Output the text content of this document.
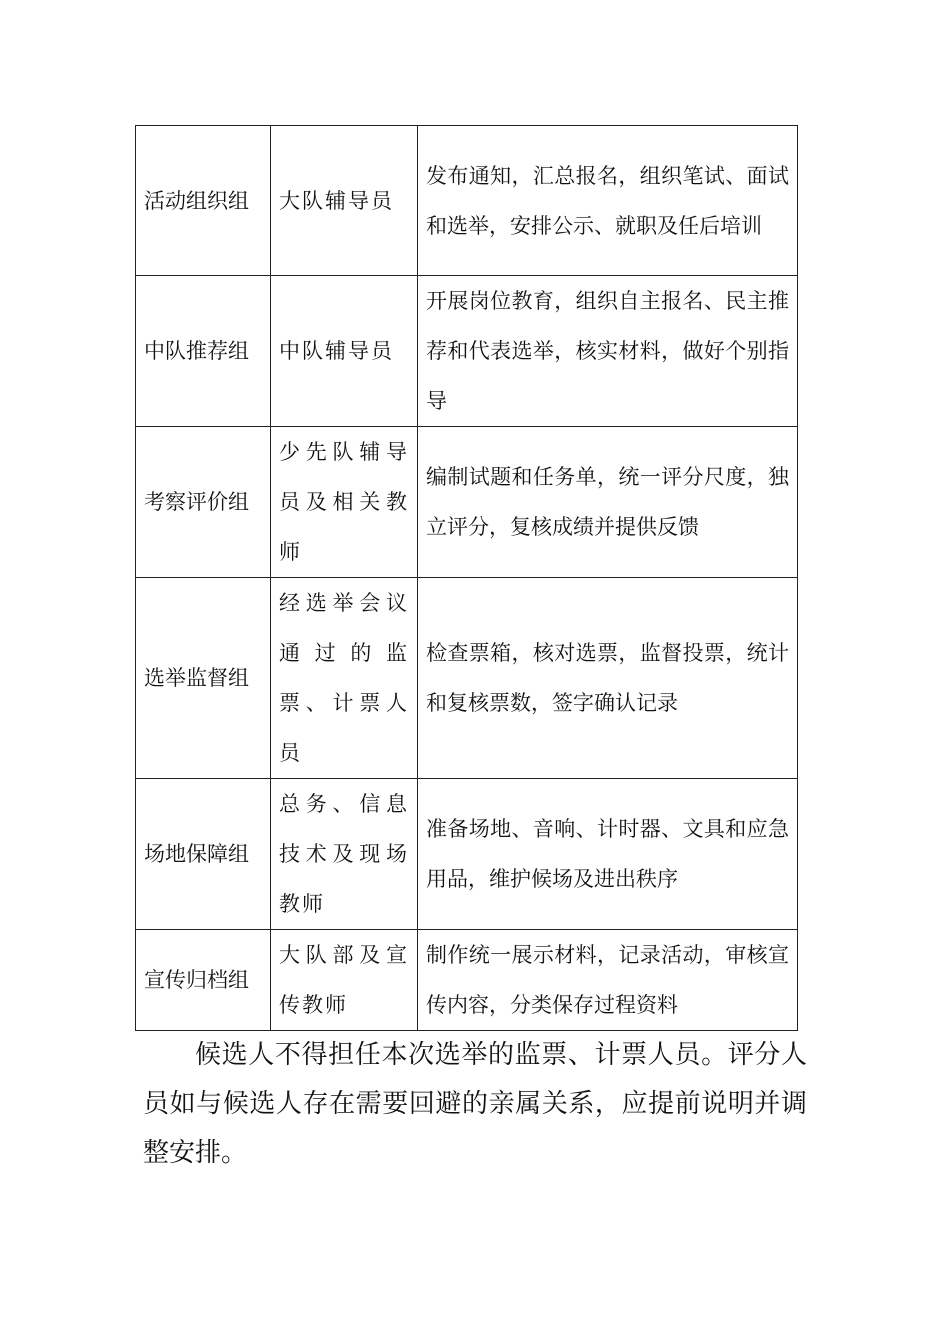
活动组织组	大队辅导员	发布通知，汇总报名，组织笔试、面试和选举，安排公示、就职及任后培训
中队推荐组	中队辅导员	开展岗位教育，组织自主报名、民主推荐和代表选举，核实材料，做好个别指导
考察评价组	少先队辅导员及相关教师	编制试题和任务单，统一评分尺度，独立评分，复核成绩并提供反馈
选举监督组	经选举会议通过的监票、计票人员	检查票箱，核对选票，监督投票，统计和复核票数，签字确认记录
场地保障组	总务、信息技术及现场教师	准备场地、音响、计时器、文具和应急用品，维护候场及进出秩序
宣传归档组	大队部及宣传教师	制作统一展示材料，记录活动，审核宣传内容，分类保存过程资料

候选人不得担任本次选举的监票、计票人员。评分人员如与候选人存在需要回避的亲属关系，应提前说明并调整安排。
